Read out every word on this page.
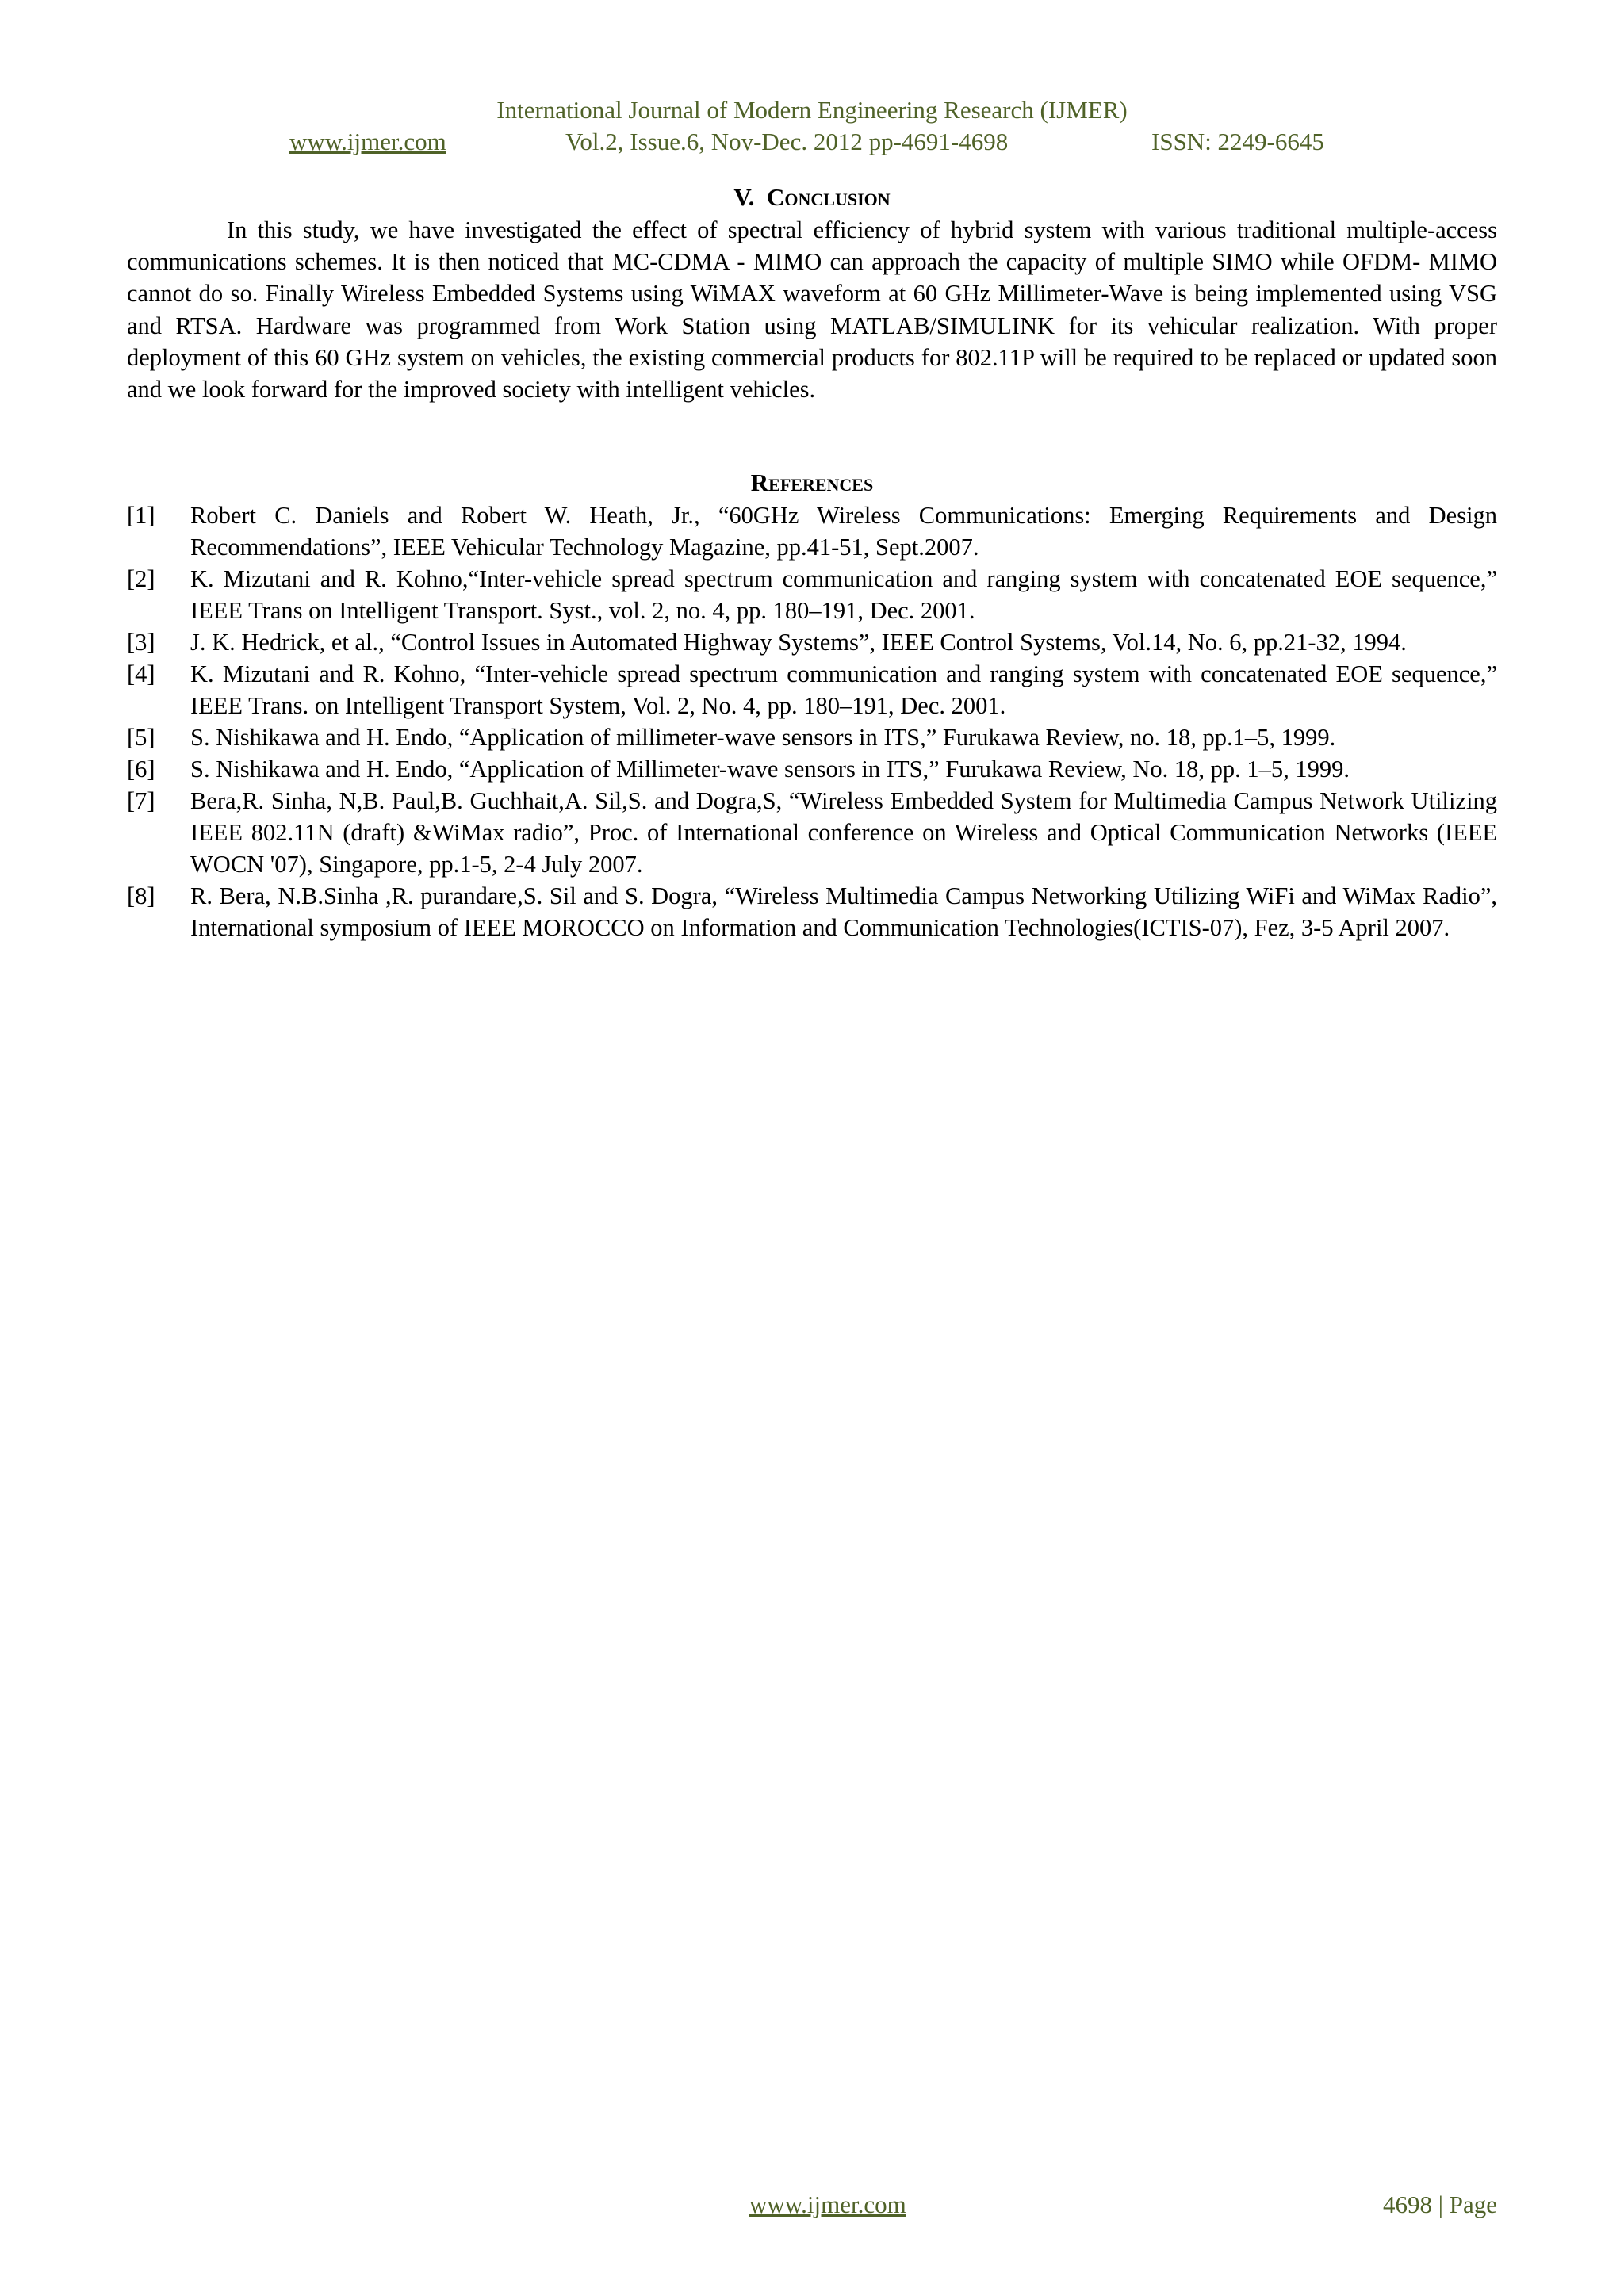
International Journal of Modern Engineering Research (IJMER)
www.ijmer.com	Vol.2, Issue.6, Nov-Dec. 2012 pp-4691-4698	ISSN: 2249-6645
V. Conclusion

In this study, we have investigated the effect of spectral efficiency of hybrid system with various traditional multiple-access communications schemes. It is then noticed that MC-CDMA - MIMO can approach the capacity of multiple SIMO while OFDM- MIMO cannot do so. Finally Wireless Embedded Systems using WiMAX waveform at 60 GHz Millimeter-Wave is being implemented using VSG and RTSA. Hardware was programmed from Work Station using MATLAB/SIMULINK for its vehicular realization. With proper deployment of this 60 GHz system on vehicles, the existing commercial products for 802.11P will be required to be replaced or updated soon and we look forward for the improved society with intelligent vehicles.

References
[1] Robert C. Daniels and Robert W. Heath, Jr., “60GHz Wireless Communications: Emerging Requirements and Design Recommendations”, IEEE Vehicular Technology Magazine, pp.41-51, Sept.2007.
[2] K. Mizutani and R. Kohno,“Inter-vehicle spread spectrum communication and ranging system with concatenated EOE sequence,” IEEE Trans on Intelligent Transport. Syst., vol. 2, no. 4, pp. 180–191, Dec. 2001.
[3] J. K. Hedrick, et al., “Control Issues in Automated Highway Systems”, IEEE Control Systems, Vol.14, No. 6, pp.21-32, 1994.
[4] K. Mizutani and R. Kohno, “Inter-vehicle spread spectrum communication and ranging system with concatenated EOE sequence,” IEEE Trans. on Intelligent Transport System, Vol. 2, No. 4, pp. 180–191, Dec. 2001.
[5] S. Nishikawa and H. Endo, “Application of millimeter-wave sensors in ITS,” Furukawa Review, no. 18, pp.1–5, 1999.
[6] S. Nishikawa and H. Endo, “Application of Millimeter-wave sensors in ITS,” Furukawa Review, No. 18, pp. 1–5, 1999.
[7] Bera,R. Sinha, N,B. Paul,B. Guchhait,A. Sil,S. and Dogra,S, “Wireless Embedded System for Multimedia Campus Network Utilizing IEEE 802.11N (draft) &WiMax radio”, Proc. of International conference on Wireless and Optical Communication Networks (IEEE WOCN '07), Singapore, pp.1-5, 2-4 July 2007.
[8] R. Bera, N.B.Sinha ,R. purandare,S. Sil and S. Dogra, “Wireless Multimedia Campus Networking Utilizing WiFi and WiMax Radio”, International symposium of IEEE MOROCCO on Information and Communication Technologies(ICTIS-07), Fez, 3-5 April 2007.
www.ijmer.com	4698 | Page
